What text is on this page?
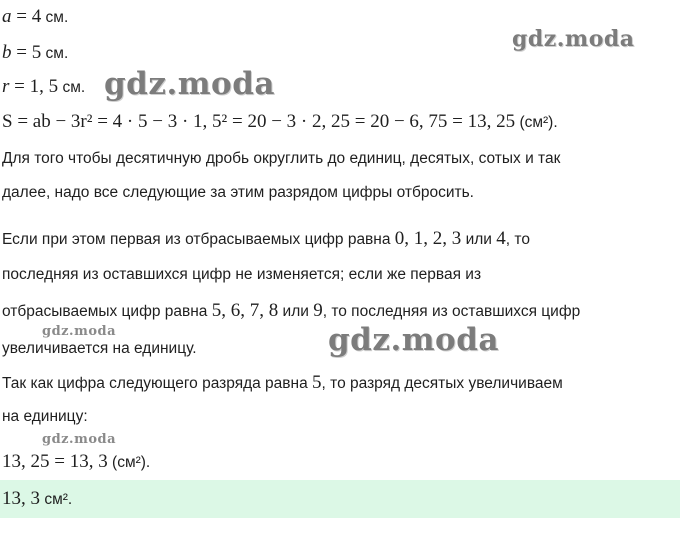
gdz.moda
gdz.moda
gdz.moda	gdz.moda
gdz.moda
a = 4 см.
b = 5 см.
r = 1, 5 см.
S = ab − 3r² = 4 · 5 − 3 · 1, 5² = 20 − 3 · 2, 25 = 20 − 6, 75 = 13, 25 (см²).
Для того чтобы десятичную дробь округлить до единиц, десятых, сотых и так
далее, надо все следующие за этим разрядом цифры отбросить.
Если при этом первая из отбрасываемых цифр равна 0, 1, 2, 3 или 4, то
последняя из оставшихся цифр не изменяется; если же первая из
отбрасываемых цифр равна 5, 6, 7, 8 или 9, то последняя из оставшихся цифр
увеличивается на единицу.
Так как цифра следующего разряда равна 5, то разряд десятых увеличиваем
на единицу:
13, 25 = 13, 3 (см²).
13, 3 см².
